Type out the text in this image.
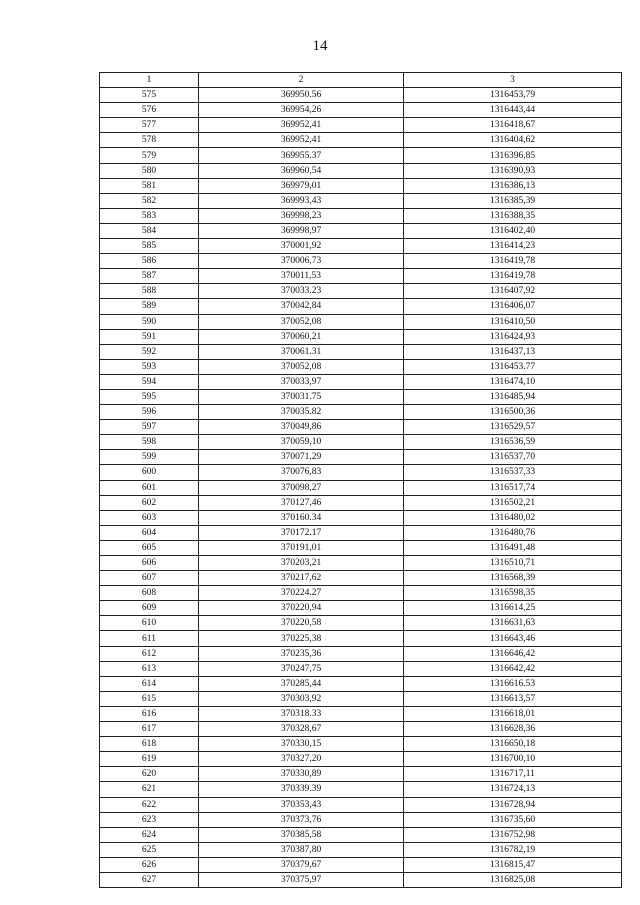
14
1	2	3
575	369950.56	1316453,79
576	369954,26	1316443,44
577	369952,41	1316418,67
578	369952,41	1316404,62
579	369955.37	1316396,85
580	369960,54	1316390,93
581	369979,01	1316386,13
582	369993,43	1316385,39
583	369998,23	1316388,35
584	369998,97	1316402,40
585	370001,92	1316414,23
586	370006,73	1316419,78
587	370011,53	1316419,78
588	370033.23	1316407,92
589	370042,84	1316406,07
590	370052,08	1316410,50
591	370060,21	1316424,93
592	370061.31	1316437,13
593	370052,08	1316453.77
594	370033,97	1316474,10
595	370031.75	1316485,94
596	370035.82	1316500,36
597	370049,86	1316529,57
598	370059,10	1316536,59
599	370071.29	1316537,70
600	370076,83	1316537,33
601	370098,27	1316517,74
602	370127,46	1316502,21
603	370160.34	1316480,02
604	370172.17	1316480,76
605	370191,01	1316491,48
606	370203,21	1316510,71
607	370217,62	1316568,39
608	370224.27	1316598,35
609	370220,94	1316614,25
610	370220,58	1316631,63
611	370225,38	1316643,46
612	370235,36	1316646,42
613	370247,75	1316642,42
614	370285,44	1316616.53
615	370303,92	1316613,57
616	370318.33	1316618,01
617	370328,67	1316628,36
618	370330,15	1316650,18
619	370327,20	1316700,10
620	370330,89	1316717,11
621	370339.39	1316724,13
622	370353,43	1316728,94
623	370373,76	1316735,60
624	370385,58	1316752,98
625	370387,80	1316782,19
626	370379,67	1316815,47
627	370375,97	1316825,08
